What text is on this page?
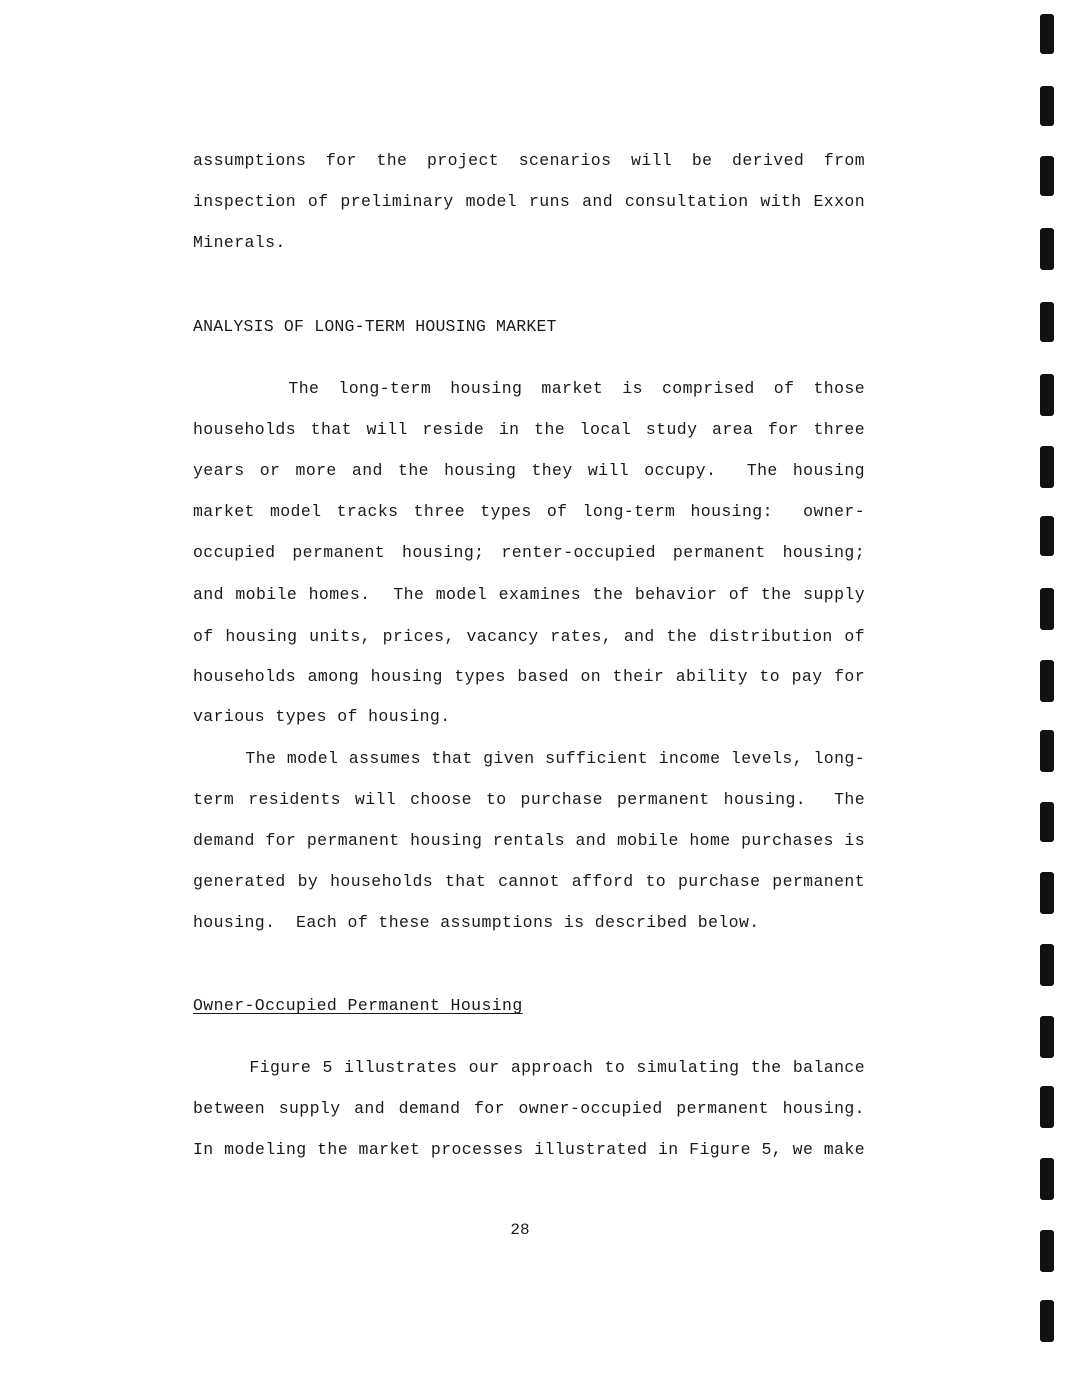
assumptions for the project scenarios will be derived from
inspection of preliminary model runs and consultation with Exxon
Minerals.
ANALYSIS OF LONG-TERM HOUSING MARKET
The long-term housing market is comprised of those
households that will reside in the local study area for three
years or more and the housing they will occupy.  The housing
market model tracks three types of long-term housing:  owner-
occupied permanent housing; renter-occupied permanent housing;
and mobile homes.  The model examines the behavior of the supply
of housing units, prices, vacancy rates, and the distribution of
households among housing types based on their ability to pay for
various types of housing.
The model assumes that given sufficient income levels, long-
term residents will choose to purchase permanent housing.  The
demand for permanent housing rentals and mobile home purchases is
generated by households that cannot afford to purchase permanent
housing.  Each of these assumptions is described below.
Owner-Occupied Permanent Housing
Figure 5 illustrates our approach to simulating the balance
between supply and demand for owner-occupied permanent housing.
In modeling the market processes illustrated in Figure 5, we make
28
